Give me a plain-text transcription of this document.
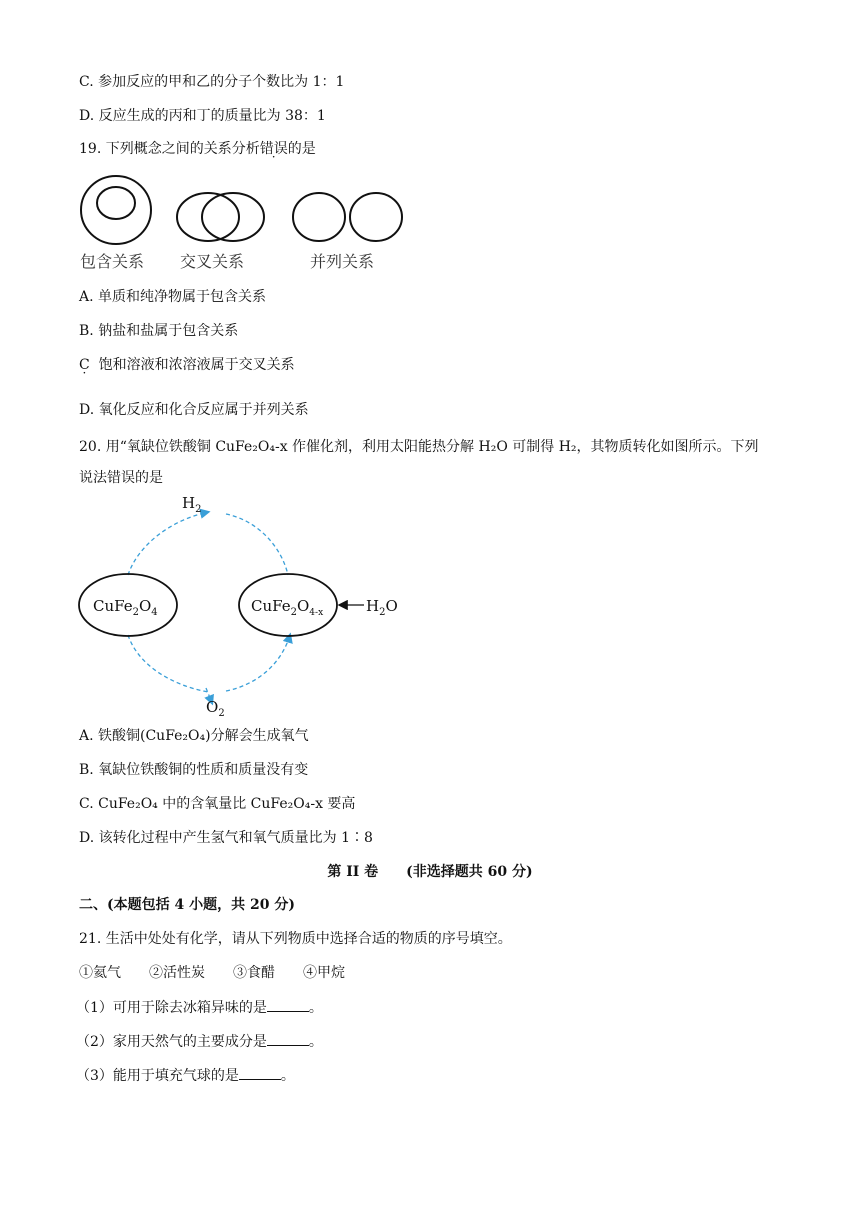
C. 参加反应的甲和乙的分子个数比为 1：1
D. 反应生成的丙和丁的质量比为 38：1
19. 下列概念之间的关系分析错误的是
包含关系 交叉关系	并列关系
A. 单质和纯净物属于包含关系
B. 钠盐和盐属于包含关系
C · 饱和溶液和浓溶液属于交叉关系
D. 氧化反应和化合反应属于并列关系
20. 用“氧缺位铁酸铜 CuFe₂O₄-x 作催化剂，利用太阳能热分解 H₂O 可制得 H₂，其物质转化如图所示。下列
说法错误的是
$CuFe_2O_4$	$CuFe_2O_{4-x}$	$H_2O$
$H_2$
$O_2$
A. 铁酸铜(CuFe₂O₄)分解会生成氧气
B. 氧缺位铁酸铜的性质和质量没有变
C. CuFe₂O₄ 中的含氧量比 CuFe₂O₄-x 要高
D. 该转化过程中产生氢气和氧气质量比为 1∶8
第 II 卷　　(非选择题共 60 分)
二、(本题包括 4 小题，共 20 分)
21. 生活中处处有化学，请从下列物质中选择合适的物质的序号填空。
①氦气　　②活性炭　　③食醋　　④甲烷
（1）可用于除去冰箱异味的是	。
（2）家用天然气的主要成分是	。
（3）能用于填充气球的是	。
